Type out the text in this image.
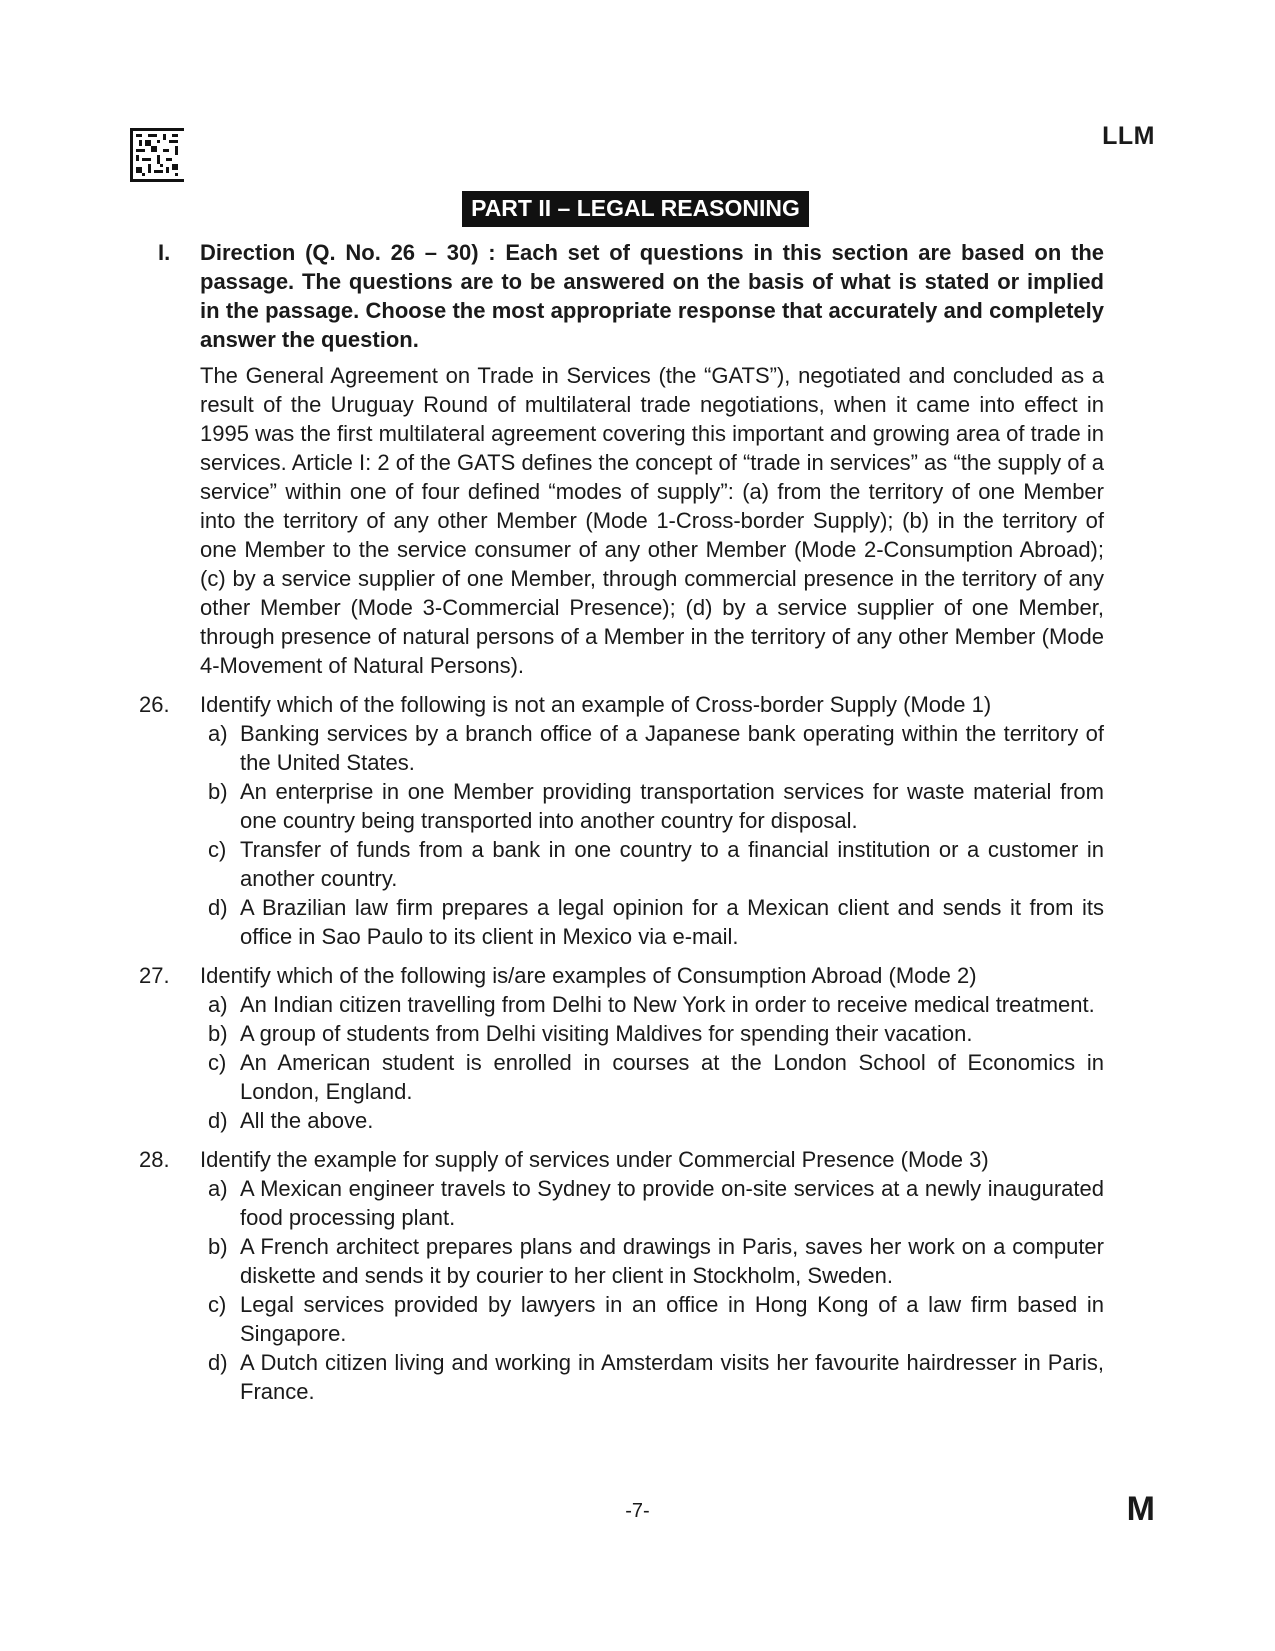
LLM
PART II – LEGAL REASONING
I.	Direction (Q. No. 26 – 30) : Each set of questions in this section are based on the passage. The questions are to be answered on the basis of what is stated or implied in the passage. Choose the most appropriate response that accurately and completely answer the question.
The General Agreement on Trade in Services (the “GATS”), negotiated and concluded as a result of the Uruguay Round of multilateral trade negotiations, when it came into effect in 1995 was the first multilateral agreement covering this important and growing area of trade in services. Article I: 2 of the GATS defines the concept of “trade in services” as “the supply of a service” within one of four defined “modes of supply”: (a) from the territory of one Member into the territory of any other Member (Mode 1-Cross-border Supply); (b) in the territory of one Member to the service consumer of any other Member (Mode 2-Consumption Abroad); (c) by a service supplier of one Member, through commercial presence in the territory of any other Member (Mode 3-Commercial Presence); (d) by a service supplier of one Member, through presence of natural persons of a Member in the territory of any other Member (Mode 4-Movement of Natural Persons).
26.	Identify which of the following is not an example of Cross-border Supply (Mode 1)
a) Banking services by a branch office of a Japanese bank operating within the territory of the United States.
b) An enterprise in one Member providing transportation services for waste material from one country being transported into another country for disposal.
c) Transfer of funds from a bank in one country to a financial institution or a customer in another country.
d) A Brazilian law firm prepares a legal opinion for a Mexican client and sends it from its office in Sao Paulo to its client in Mexico via e-mail.
27.	Identify which of the following is/are examples of Consumption Abroad (Mode 2)
a) An Indian citizen travelling from Delhi to New York in order to receive medical treatment.
b) A group of students from Delhi visiting Maldives for spending their vacation.
c) An American student is enrolled in courses at the London School of Economics in London, England.
d) All the above.
28.	Identify the example for supply of services under Commercial Presence (Mode 3)
a) A Mexican engineer travels to Sydney to provide on-site services at a newly inaugurated food processing plant.
b) A French architect prepares plans and drawings in Paris, saves her work on a computer diskette and sends it by courier to her client in Stockholm, Sweden.
c) Legal services provided by lawyers in an office in Hong Kong of a law firm based in Singapore.
d) A Dutch citizen living and working in Amsterdam visits her favourite hairdresser in Paris, France.
-7-	M
